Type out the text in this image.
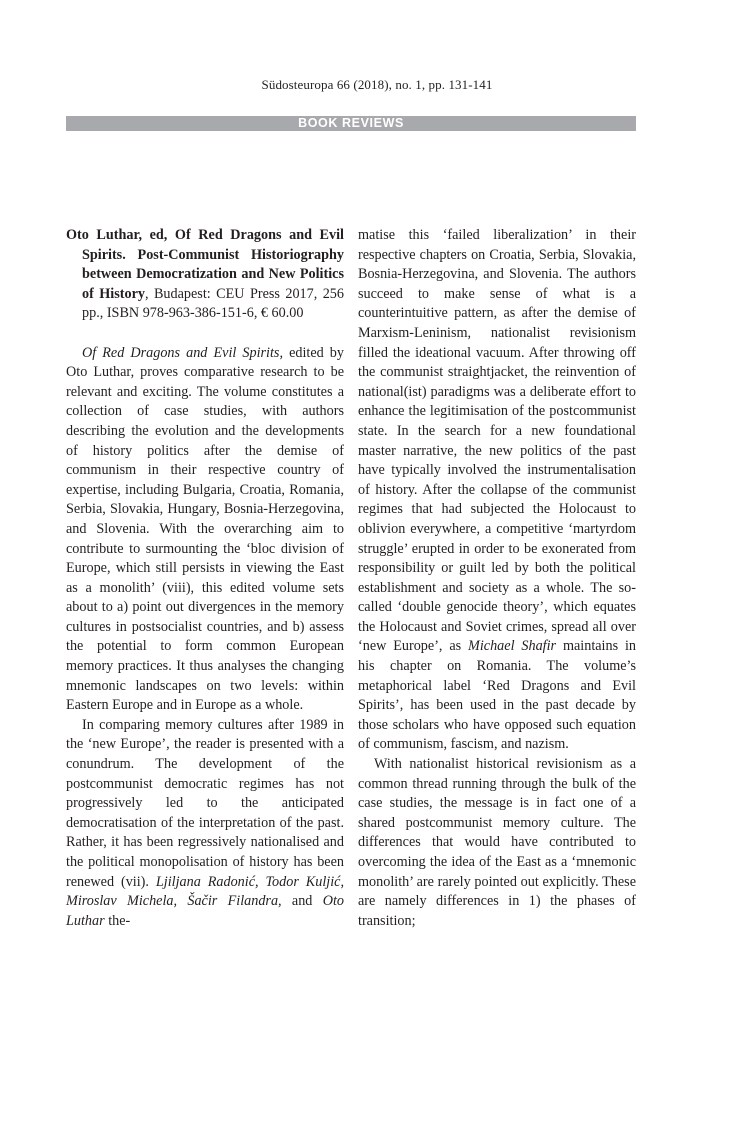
Südosteuropa 66 (2018), no. 1, pp. 131-141
BOOK REVIEWS

Oto Luthar, ed, Of Red Dragons and Evil Spirits. Post-Communist Historiography between Democratization and New Politics of History, Budapest: CEU Press 2017, 256 pp., ISBN 978-963-386-151-6, € 60.00

Of Red Dragons and Evil Spirits, edited by Oto Luthar, proves comparative research to be relevant and exciting. The volume constitutes a collection of case studies, with authors describing the evolution and the developments of history politics after the demise of communism in their respective country of expertise, including Bulgaria, Croatia, Romania, Serbia, Slovakia, Hungary, Bosnia-Herzegovina, and Slovenia. With the overarching aim to contribute to surmounting the ‘bloc division of Europe, which still persists in viewing the East as a monolith’ (viii), this edited volume sets about to a) point out divergences in the memory cultures in postsocialist countries, and b) assess the potential to form common European memory practices. It thus analyses the changing mnemonic landscapes on two levels: within Eastern Europe and in Europe as a whole.

In comparing memory cultures after 1989 in the ‘new Europe’, the reader is presented with a conundrum. The development of the postcommunist democratic regimes has not progressively led to the anticipated democratisation of the interpretation of the past. Rather, it has been regressively nationalised and the political monopolisation of history has been renewed (vii). Ljiljana Radonić, Todor Kuljić, Miroslav Michela, Šačir Filandra, and Oto Luthar the-

matise this ‘failed liberalization’ in their respective chapters on Croatia, Serbia, Slovakia, Bosnia-Herzegovina, and Slovenia. The authors succeed to make sense of what is a counterintuitive pattern, as after the demise of Marxism-Leninism, nationalist revisionism filled the ideational vacuum. After throwing off the communist straightjacket, the reinvention of national(ist) paradigms was a deliberate effort to enhance the legitimisation of the postcommunist state. In the search for a new foundational master narrative, the new politics of the past have typically involved the instrumentalisation of history. After the collapse of the communist regimes that had subjected the Holocaust to oblivion everywhere, a competitive ‘martyrdom struggle’ erupted in order to be exonerated from responsibility or guilt led by both the political establishment and society as a whole. The so-called ‘double genocide theory’, which equates the Holocaust and Soviet crimes, spread all over ‘new Europe’, as Michael Shafir maintains in his chapter on Romania. The volume’s metaphorical label ‘Red Dragons and Evil Spirits’, has been used in the past decade by those scholars who have opposed such equation of communism, fascism, and nazism.

With nationalist historical revisionism as a common thread running through the bulk of the case studies, the message is in fact one of a shared postcommunist memory culture. The differences that would have contributed to overcoming the idea of the East as a ‘mnemonic monolith’ are rarely pointed out explicitly. These are namely differences in 1) the phases of transition;
